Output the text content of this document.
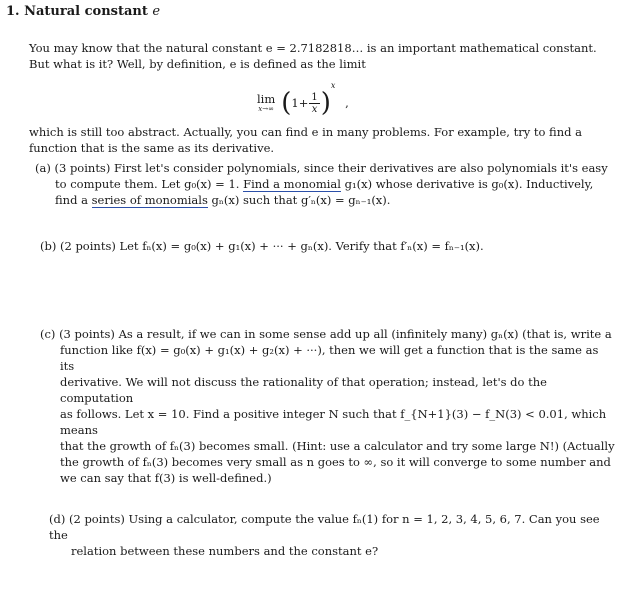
1. Natural constant e
You may know that the natural constant e = 2.7182818… is an important mathematical constant.
But what is it? Well, by definition, e is defined as the limit
lim
x→∞ $(1+ \frac{1}{x} )^x$ ,
which is still too abstract. Actually, you can find e in many problems. For example, try to find a
function that is the same as its derivative.
(a) (3 points) First let's consider polynomials, since their derivatives are also polynomials it's easy
to compute them. Let g₀(x) = 1. Find a monomial g₁(x) whose derivative is g₀(x). Inductively,
find a series of monomials gₙ(x) such that g′ₙ(x) = gₙ₋₁(x).
(b) (2 points) Let fₙ(x) = g₀(x) + g₁(x) + ··· + gₙ(x). Verify that f′ₙ(x) = fₙ₋₁(x).
(c) (3 points) As a result, if we can in some sense add up all (infinitely many) gₙ(x) (that is, write a
function like f(x) = g₀(x) + g₁(x) + g₂(x) + ···), then we will get a function that is the same as its
derivative. We will not discuss the rationality of that operation; instead, let's do the computation
as follows. Let x = 10. Find a positive integer N such that f_{N+1}(3) − f_N(3) < 0.01, which means
that the growth of fₙ(3) becomes small. (Hint: use a calculator and try some large N!) (Actually
the growth of fₙ(3) becomes very small as n goes to ∞, so it will converge to some number and
we can say that f(3) is well-defined.)
(d) (2 points) Using a calculator, compute the value fₙ(1) for n = 1, 2, 3, 4, 5, 6, 7. Can you see the
relation between these numbers and the constant e?
